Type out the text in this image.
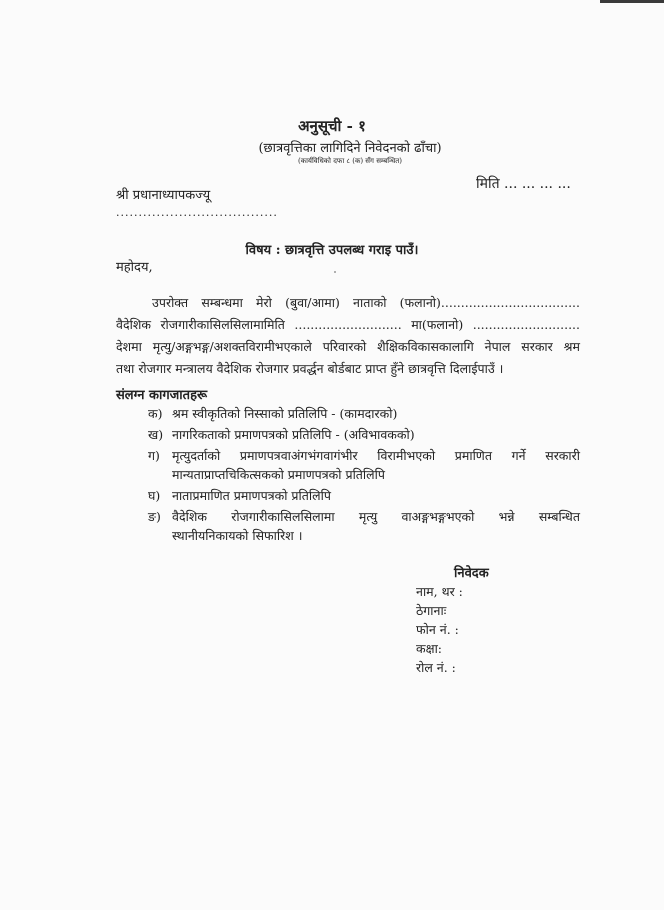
अनुसूची - १
(छात्रवृत्तिका लागिदिने निवेदनको ढाँचा)
(कार्यविधिको दफा ८ (क) सँग सम्बन्धित)
मिति ... ... ... ...
श्री प्रधानाध्यापकज्यू
....................................
विषय : छात्रवृत्ति उपलब्ध गराइ पाउँ।
महोदय,
उपरोक्त सम्बन्धमा मेरो (बुवा/आमा) नाताको (फलानो)...................................
वैदेशिक रोजगारीकासिलसिलामामिति ........................... मा(फलानो) ...........................
देशमा मृत्यु/अङ्गभङ्ग/अशक्तविरामीभएकाले परिवारको शैक्षिकविकासकालागि नेपाल सरकार श्रम
तथा रोजगार मन्त्रालय वैदेशिक रोजगार प्रवर्द्धन बोर्डबाट प्राप्त हुँने छात्रवृत्ति दिलाईपाउँ ।
संलग्न कागजातहरू
क) श्रम स्वीकृतिको निस्साको प्रतिलिपि - (कामदारको)
ख) नागरिकताको प्रमाणपत्रको प्रतिलिपि - (अविभावकको)
ग) मृत्युदर्ताको प्रमाणपत्रवाअंगभंगवागंभीर विरामीभएको प्रमाणित गर्ने सरकारी
मान्यताप्राप्तचिकित्सकको प्रमाणपत्रको प्रतिलिपि
घ) नाताप्रमाणित प्रमाणपत्रको प्रतिलिपि
ङ) वैदेशिक रोजगारीकासिलसिलामा मृत्यु वाअङ्गभङ्गभएको भन्ने सम्बन्धित
स्थानीयनिकायको सिफारिश ।
निवेदक
नाम, थर :
ठेगानाः
फोन नं. :
कक्षा:
रोल नं. :
